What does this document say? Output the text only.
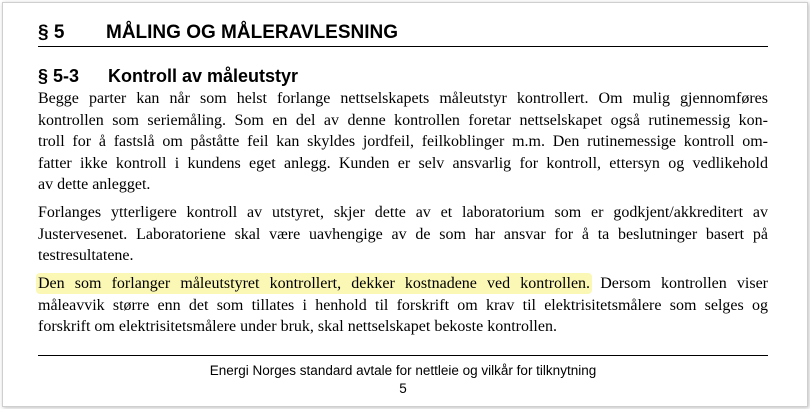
§ 5 MÅLING OG MÅLERAVLESNING
§ 5-3 Kontroll av måleutstyr
Begge parter kan når som helst forlange nettselskapets måleutstyr kontrollert. Om mulig gjennomføres
kontrollen som seriemåling. Som en del av denne kontrollen foretar nettselskapet også rutinemessig kon-
troll for å fastslå om påståtte feil kan skyldes jordfeil, feilkoblinger m.m. Den rutinemessige kontroll om-
fatter ikke kontroll i kundens eget anlegg. Kunden er selv ansvarlig for kontroll, ettersyn og vedlikehold
av dette anlegget.
Forlanges ytterligere kontroll av utstyret, skjer dette av et laboratorium som er godkjent/akkreditert av
Justervesenet. Laboratoriene skal være uavhengige av de som har ansvar for å ta beslutninger basert på
testresultatene.
Den som forlanger måleutstyret kontrollert, dekker kostnadene ved kontrollen. Dersom kontrollen viser
måleavvik større enn det som tillates i henhold til forskrift om krav til elektrisitetsmålere som selges og
forskrift om elektrisitetsmålere under bruk, skal nettselskapet bekoste kontrollen.
Energi Norges standard avtale for nettleie og vilkår for tilknytning
5
